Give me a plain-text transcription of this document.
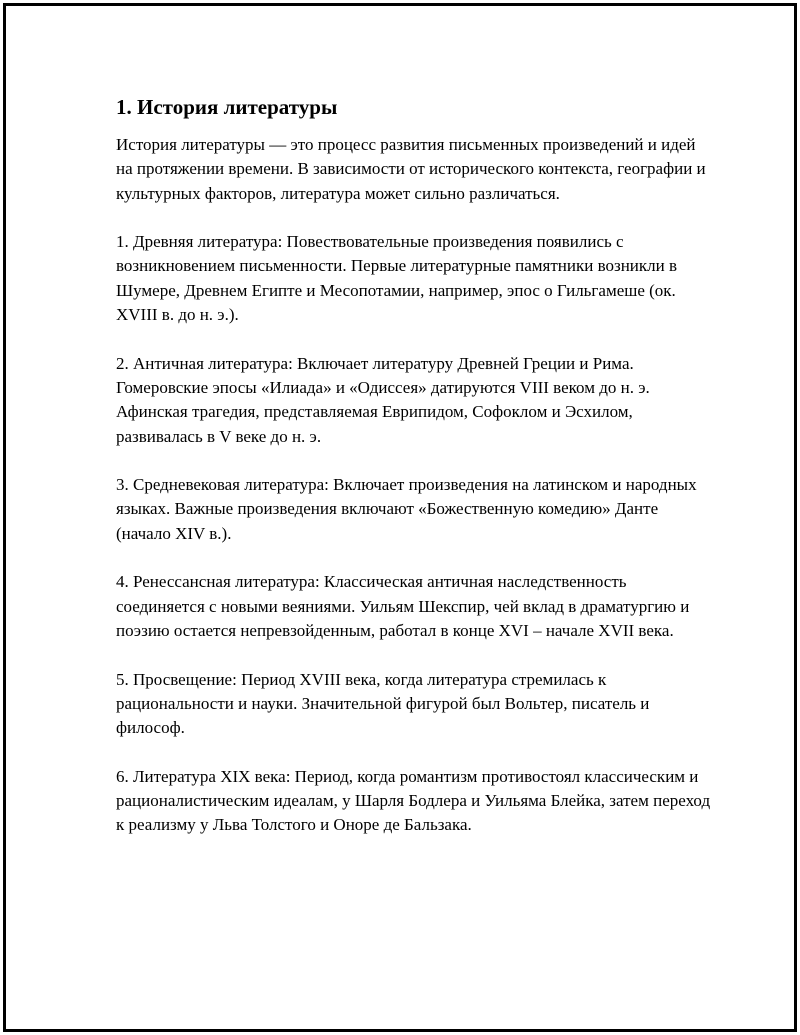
1. История литературы

История литературы — это процесс развития письменных произведений и идей на протяжении времени. В зависимости от исторического контекста, географии и культурных факторов, литература может сильно различаться.

1. Древняя литература: Повествовательные произведения появились с возникновением письменности. Первые литературные памятники возникли в Шумере, Древнем Египте и Месопотамии, например, эпос о Гильгамеше (ок. XVIII в. до н. э.).

2. Античная литература: Включает литературу Древней Греции и Рима. Гомеровские эпосы «Илиада» и «Одиссея» датируются VIII веком до н. э. Афинская трагедия, представляемая Еврипидом, Софоклом и Эсхилом, развивалась в V веке до н. э.

3. Средневековая литература: Включает произведения на латинском и народных языках. Важные произведения включают «Божественную комедию» Данте (начало XIV в.).

4. Ренессансная литература: Классическая античная наследственность соединяется с новыми веяниями. Уильям Шекспир, чей вклад в драматургию и поэзию остается непревзойденным, работал в конце XVI – начале XVII века.

5. Просвещение: Период XVIII века, когда литература стремилась к рациональности и науки. Значительной фигурой был Вольтер, писатель и философ.

6. Литература XIX века: Период, когда романтизм противостоял классическим и рационалистическим идеалам, у Шарля Бодлера и Уильяма Блейка, затем переход к реализму у Льва Толстого и Оноре де Бальзака.
